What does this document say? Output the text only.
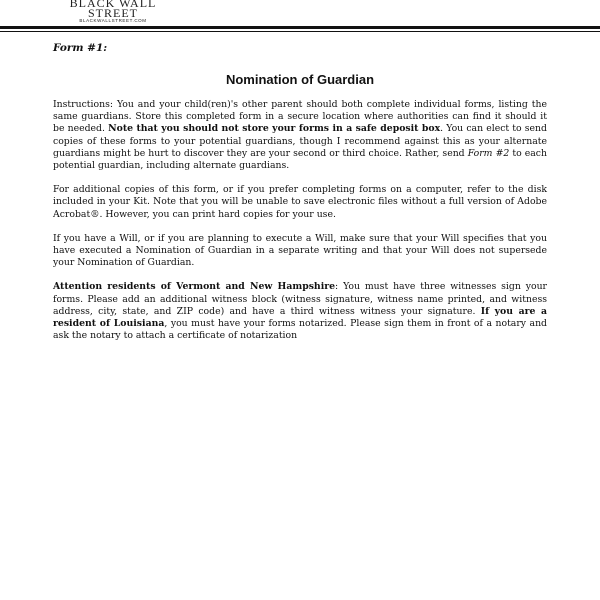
BLACK WALL STREET
BLACKWALLSTREET.COM
Form #1:
Nomination of Guardian

Instructions: You and your child(ren)'s other parent should both complete individual forms, listing the same guardians. Store this completed form in a secure location where authorities can find it should it be needed. Note that you should not store your forms in a safe deposit box. You can elect to send copies of these forms to your potential guardians, though I recommend against this as your alternate guardians might be hurt to discover they are your second or third choice. Rather, send Form #2 to each potential guardian, including alternate guardians.

For additional copies of this form, or if you prefer completing forms on a computer, refer to the disk included in your Kit. Note that you will be unable to save electronic files without a full version of Adobe Acrobat®. However, you can print hard copies for your use.

If you have a Will, or if you are planning to execute a Will, make sure that your Will specifies that you have executed a Nomination of Guardian in a separate writing and that your Will does not supersede your Nomination of Guardian.

Attention residents of Vermont and New Hampshire: You must have three witnesses sign your forms. Please add an additional witness block (witness signature, witness name printed, and witness address, city, state, and ZIP code) and have a third witness witness your signature. If you are a resident of Louisiana, you must have your forms notarized. Please sign them in front of a notary and ask the notary to attach a certificate of notarization
